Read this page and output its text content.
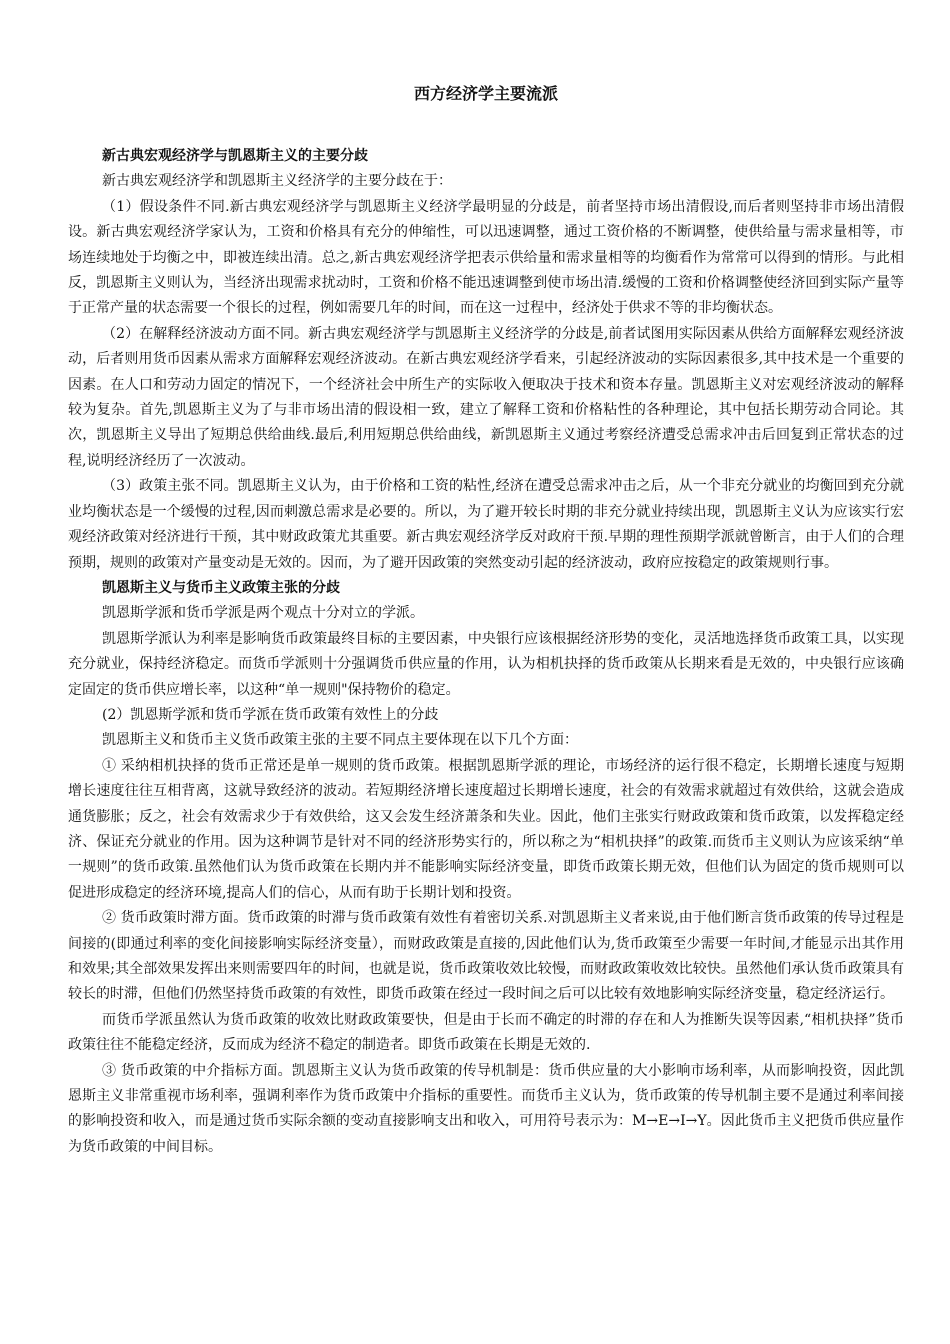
西方经济学主要流派

新古典宏观经济学与凯恩斯主义的主要分歧

新古典宏观经济学和凯恩斯主义经济学的主要分歧在于：

（1）假设条件不同.新古典宏观经济学与凯恩斯主义经济学最明显的分歧是，前者坚持市场出清假设,而后者则坚持非市场出清假设。新古典宏观经济学家认为，工资和价格具有充分的伸缩性，可以迅速调整，通过工资价格的不断调整，使供给量与需求量相等，市场连续地处于均衡之中，即被连续出清。总之,新古典宏观经济学把表示供给量和需求量相等的均衡看作为常常可以得到的情形。与此相反，凯恩斯主义则认为，当经济出现需求扰动时，工资和价格不能迅速调整到使市场出清.缓慢的工资和价格调整使经济回到实际产量等于正常产量的状态需要一个很长的过程，例如需要几年的时间，而在这一过程中，经济处于供求不等的非均衡状态。

（2）在解释经济波动方面不同。新古典宏观经济学与凯恩斯主义经济学的分歧是,前者试图用实际因素从供给方面解释宏观经济波动，后者则用货币因素从需求方面解释宏观经济波动。在新古典宏观经济学看来，引起经济波动的实际因素很多,其中技术是一个重要的因素。在人口和劳动力固定的情况下，一个经济社会中所生产的实际收入便取决于技术和资本存量。凯恩斯主义对宏观经济波动的解释较为复杂。首先,凯恩斯主义为了与非市场出清的假设相一致，建立了解释工资和价格粘性的各种理论，其中包括长期劳动合同论。其次，凯恩斯主义导出了短期总供给曲线.最后,利用短期总供给曲线，新凯恩斯主义通过考察经济遭受总需求冲击后回复到正常状态的过程,说明经济经历了一次波动。

（3）政策主张不同。凯恩斯主义认为，由于价格和工资的粘性,经济在遭受总需求冲击之后，从一个非充分就业的均衡回到充分就业均衡状态是一个缓慢的过程,因而刺激总需求是必要的。所以，为了避开较长时期的非充分就业持续出现，凯恩斯主义认为应该实行宏观经济政策对经济进行干预，其中财政政策尤其重要。新古典宏观经济学反对政府干预.早期的理性预期学派就曾断言，由于人们的合理预期，规则的政策对产量变动是无效的。因而，为了避开因政策的突然变动引起的经济波动，政府应按稳定的政策规则行事。

凯恩斯主义与货币主义政策主张的分歧

凯恩斯学派和货币学派是两个观点十分对立的学派。

凯恩斯学派认为利率是影响货币政策最终目标的主要因素，中央银行应该根据经济形势的变化，灵活地选择货币政策工具，以实现充分就业，保持经济稳定。而货币学派则十分强调货币供应量的作用，认为相机抉择的货币政策从长期来看是无效的，中央银行应该确定固定的货币供应增长率，以这种“单一规则"保持物价的稳定。

(2）凯恩斯学派和货币学派在货币政策有效性上的分歧

凯恩斯主义和货币主义货币政策主张的主要不同点主要体现在以下几个方面：

① 采纳相机抉择的货币正常还是单一规则的货币政策。根据凯恩斯学派的理论，市场经济的运行很不稳定，长期增长速度与短期增长速度往往互相背离，这就导致经济的波动。若短期经济增长速度超过长期增长速度，社会的有效需求就超过有效供给，这就会造成通货膨胀；反之，社会有效需求少于有效供给，这又会发生经济萧条和失业。因此，他们主张实行财政政策和货币政策，以发挥稳定经济、保证充分就业的作用。因为这种调节是针对不同的经济形势实行的，所以称之为“相机抉择”的政策.而货币主义则认为应该采纳“单一规则”的货币政策.虽然他们认为货币政策在长期内并不能影响实际经济变量，即货币政策长期无效，但他们认为固定的货币规则可以促进形成稳定的经济环境,提高人们的信心，从而有助于长期计划和投资。

② 货币政策时滞方面。货币政策的时滞与货币政策有效性有着密切关系.对凯恩斯主义者来说,由于他们断言货币政策的传导过程是间接的(即通过利率的变化间接影响实际经济变量），而财政政策是直接的,因此他们认为,货币政策至少需要一年时间,才能显示出其作用和效果;其全部效果发挥出来则需要四年的时间，也就是说，货币政策收效比较慢，而财政政策收效比较快。虽然他们承认货币政策具有较长的时滞，但他们仍然坚持货币政策的有效性，即货币政策在经过一段时间之后可以比较有效地影响实际经济变量，稳定经济运行。

而货币学派虽然认为货币政策的收效比财政政策要快，但是由于长而不确定的时滞的存在和人为推断失误等因素,“相机抉择”货币政策往往不能稳定经济，反而成为经济不稳定的制造者。即货币政策在长期是无效的.

③ 货币政策的中介指标方面。凯恩斯主义认为货币政策的传导机制是：货币供应量的大小影响市场利率，从而影响投资，因此凯恩斯主义非常重视市场利率，强调利率作为货币政策中介指标的重要性。而货币主义认为，货币政策的传导机制主要不是通过利率间接的影响投资和收入，而是通过货币实际余额的变动直接影响支出和收入，可用符号表示为：M→E→I→Y。因此货币主义把货币供应量作为货币政策的中间目标。
